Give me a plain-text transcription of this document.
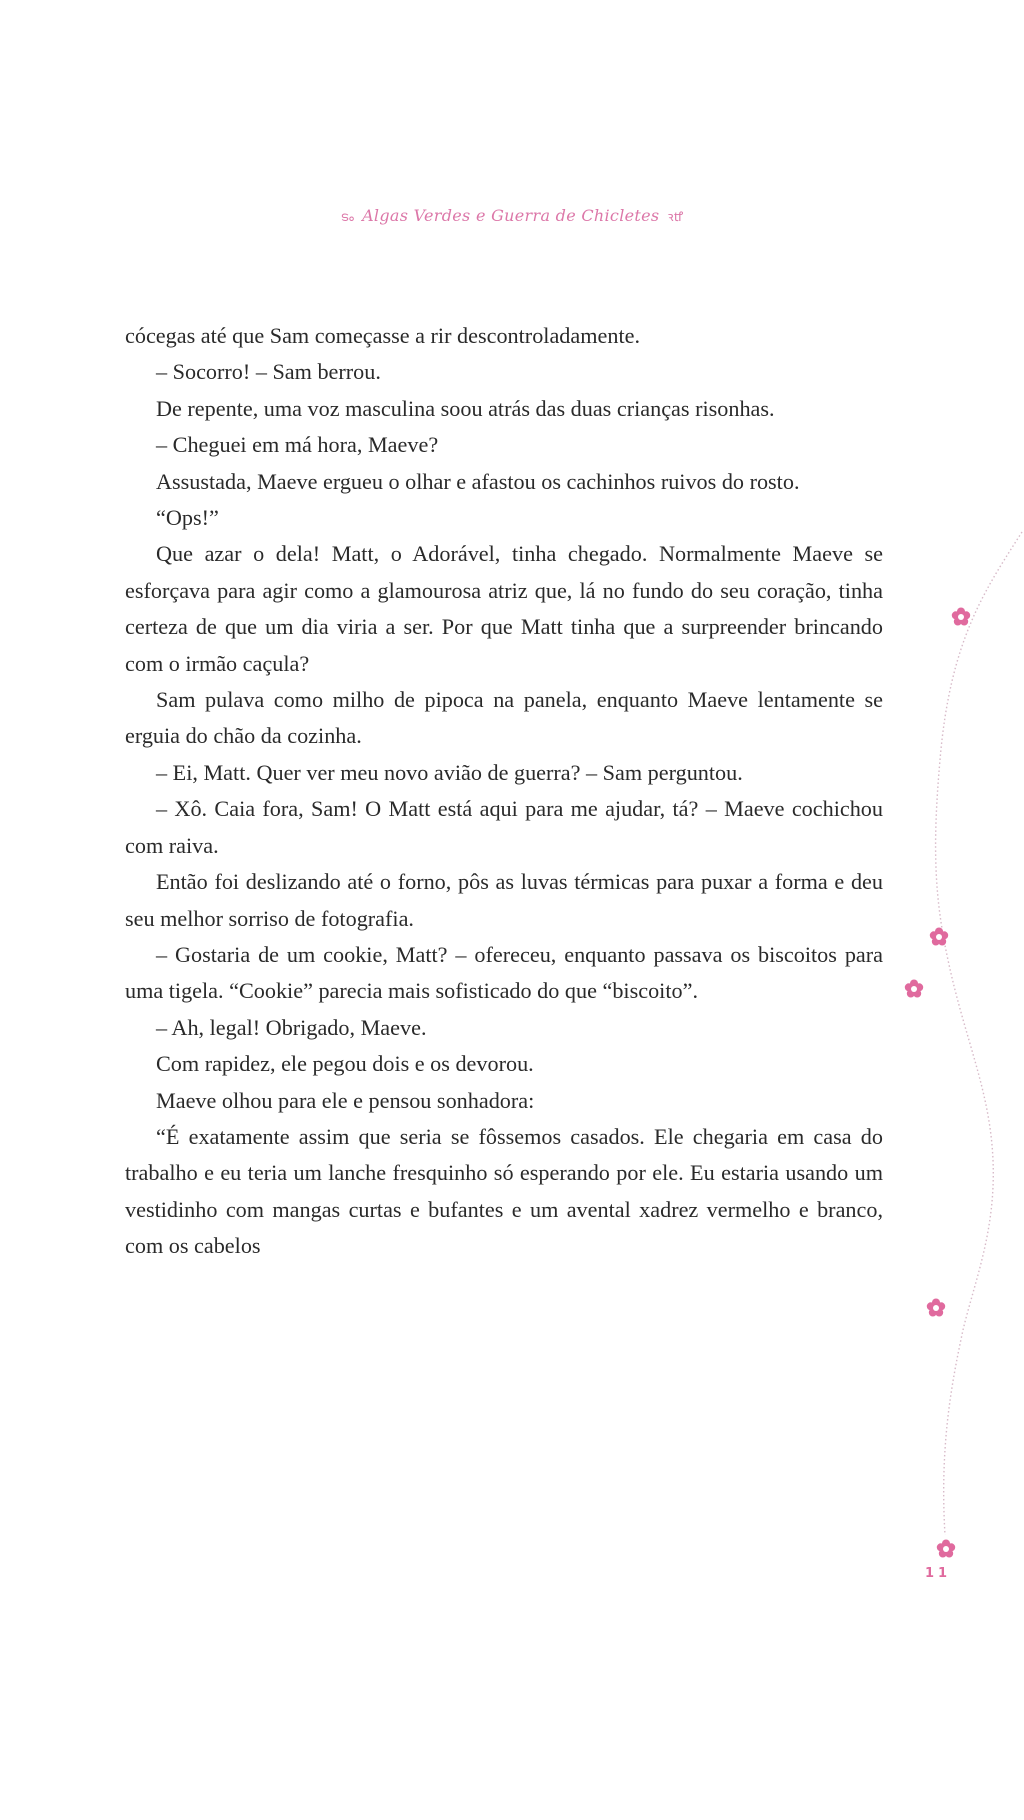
ടം Algas Verdes e Guerra de Chicletes ꝛꝷ

cócegas até que Sam começasse a rir descontroladamente.

– Socorro! – Sam berrou.

De repente, uma voz masculina soou atrás das duas crianças risonhas.

– Cheguei em má hora, Maeve?

Assustada, Maeve ergueu o olhar e afastou os cachinhos ruivos do rosto.

“Ops!”

Que azar o dela! Matt, o Adorável, tinha chegado. Normalmente Maeve se esforçava para agir como a glamourosa atriz que, lá no fundo do seu coração, tinha certeza de que um dia viria a ser. Por que Matt tinha que a surpreender brincando com o irmão caçula?

Sam pulava como milho de pipoca na panela, enquanto Maeve lentamente se erguia do chão da cozinha.

– Ei, Matt. Quer ver meu novo avião de guerra? – Sam perguntou.

– Xô. Caia fora, Sam! O Matt está aqui para me ajudar, tá? – Maeve cochichou com raiva.

Então foi deslizando até o forno, pôs as luvas térmicas para puxar a forma e deu seu melhor sorriso de fotografia.

– Gostaria de um cookie, Matt? – ofereceu, enquanto passava os biscoitos para uma tigela. “Cookie” parecia mais sofisticado do que “biscoito”.

– Ah, legal! Obrigado, Maeve.

Com rapidez, ele pegou dois e os devorou.

Maeve olhou para ele e pensou sonhadora:

“É exatamente assim que seria se fôssemos casados. Ele chegaria em casa do trabalho e eu teria um lanche fresquinho só esperando por ele. Eu estaria usando um vestidinho com mangas curtas e bufantes e um avental xadrez vermelho e branco, com os cabelos

11
